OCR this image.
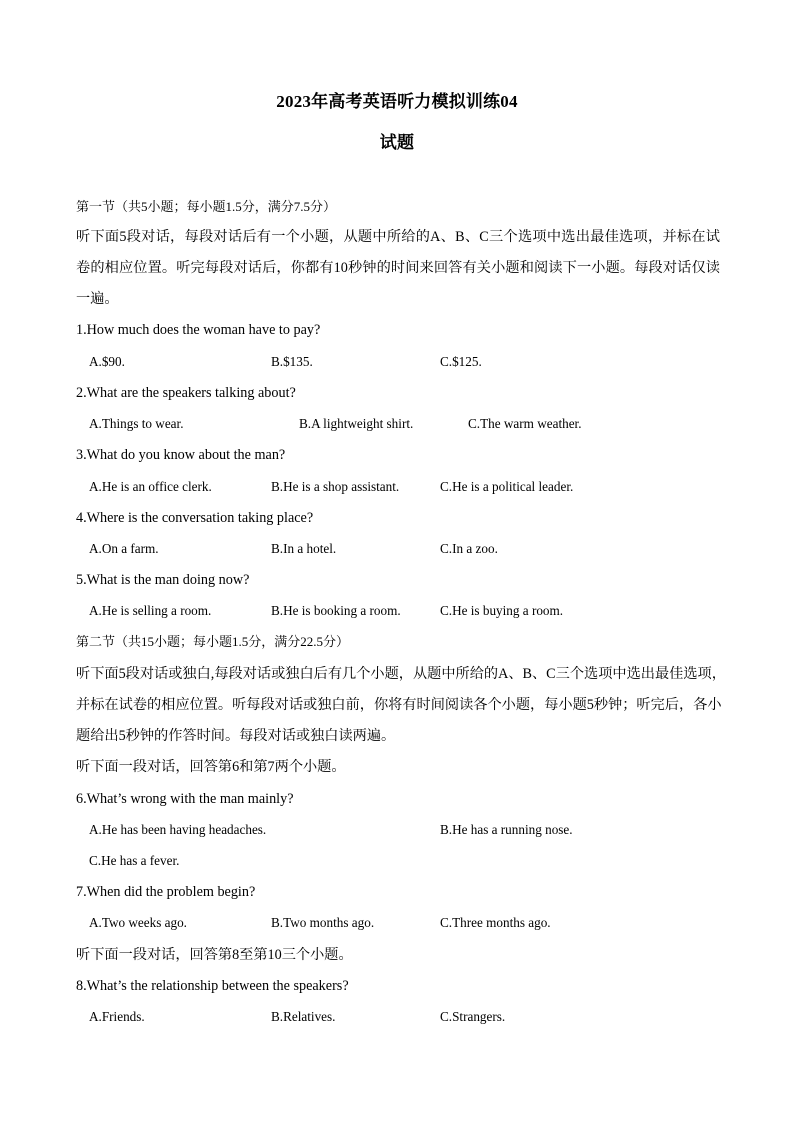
2023年高考英语听力模拟训练04
试题
第一节（共5小题；每小题1.5分，满分7.5分）
听下面5段对话，每段对话后有一个小题，从题中所给的A、B、C三个选项中选出最佳选项，并标在试
卷的相应位置。听完每段对话后，你都有10秒钟的时间来回答有关小题和阅读下一小题。每段对话仅读
一遍。
1.How much does the woman have to pay?
A.$90.	B.$135.	C.$125.
2.What are the speakers talking about?
A.Things to wear.	B.A lightweight shirt.	C.The warm weather.
3.What do you know about the man?
A.He is an office clerk.	B.He is a shop assistant.	C.He is a political leader.
4.Where is the conversation taking place?
A.On a farm.	B.In a hotel.	C.In a zoo.
5.What is the man doing now?
A.He is selling a room.	B.He is booking a room.	C.He is buying a room.
第二节（共15小题；每小题1.5分，满分22.5分）
听下面5段对话或独白,每段对话或独白后有几个小题，从题中所给的A、B、C三个选项中选出最佳选项，
并标在试卷的相应位置。听每段对话或独白前，你将有时间阅读各个小题，每小题5秒钟；听完后，各小
题给出5秒钟的作答时间。每段对话或独白读两遍。
听下面一段对话，回答第6和第7两个小题。
6.What’s wrong with the man mainly?
A.He has been having headaches.	B.He has a running nose.
C.He has a fever.
7.When did the problem begin?
A.Two weeks ago.	B.Two months ago.	C.Three months ago.
听下面一段对话，回答第8至第10三个小题。
8.What’s the relationship between the speakers?
A.Friends.	B.Relatives.	C.Strangers.
